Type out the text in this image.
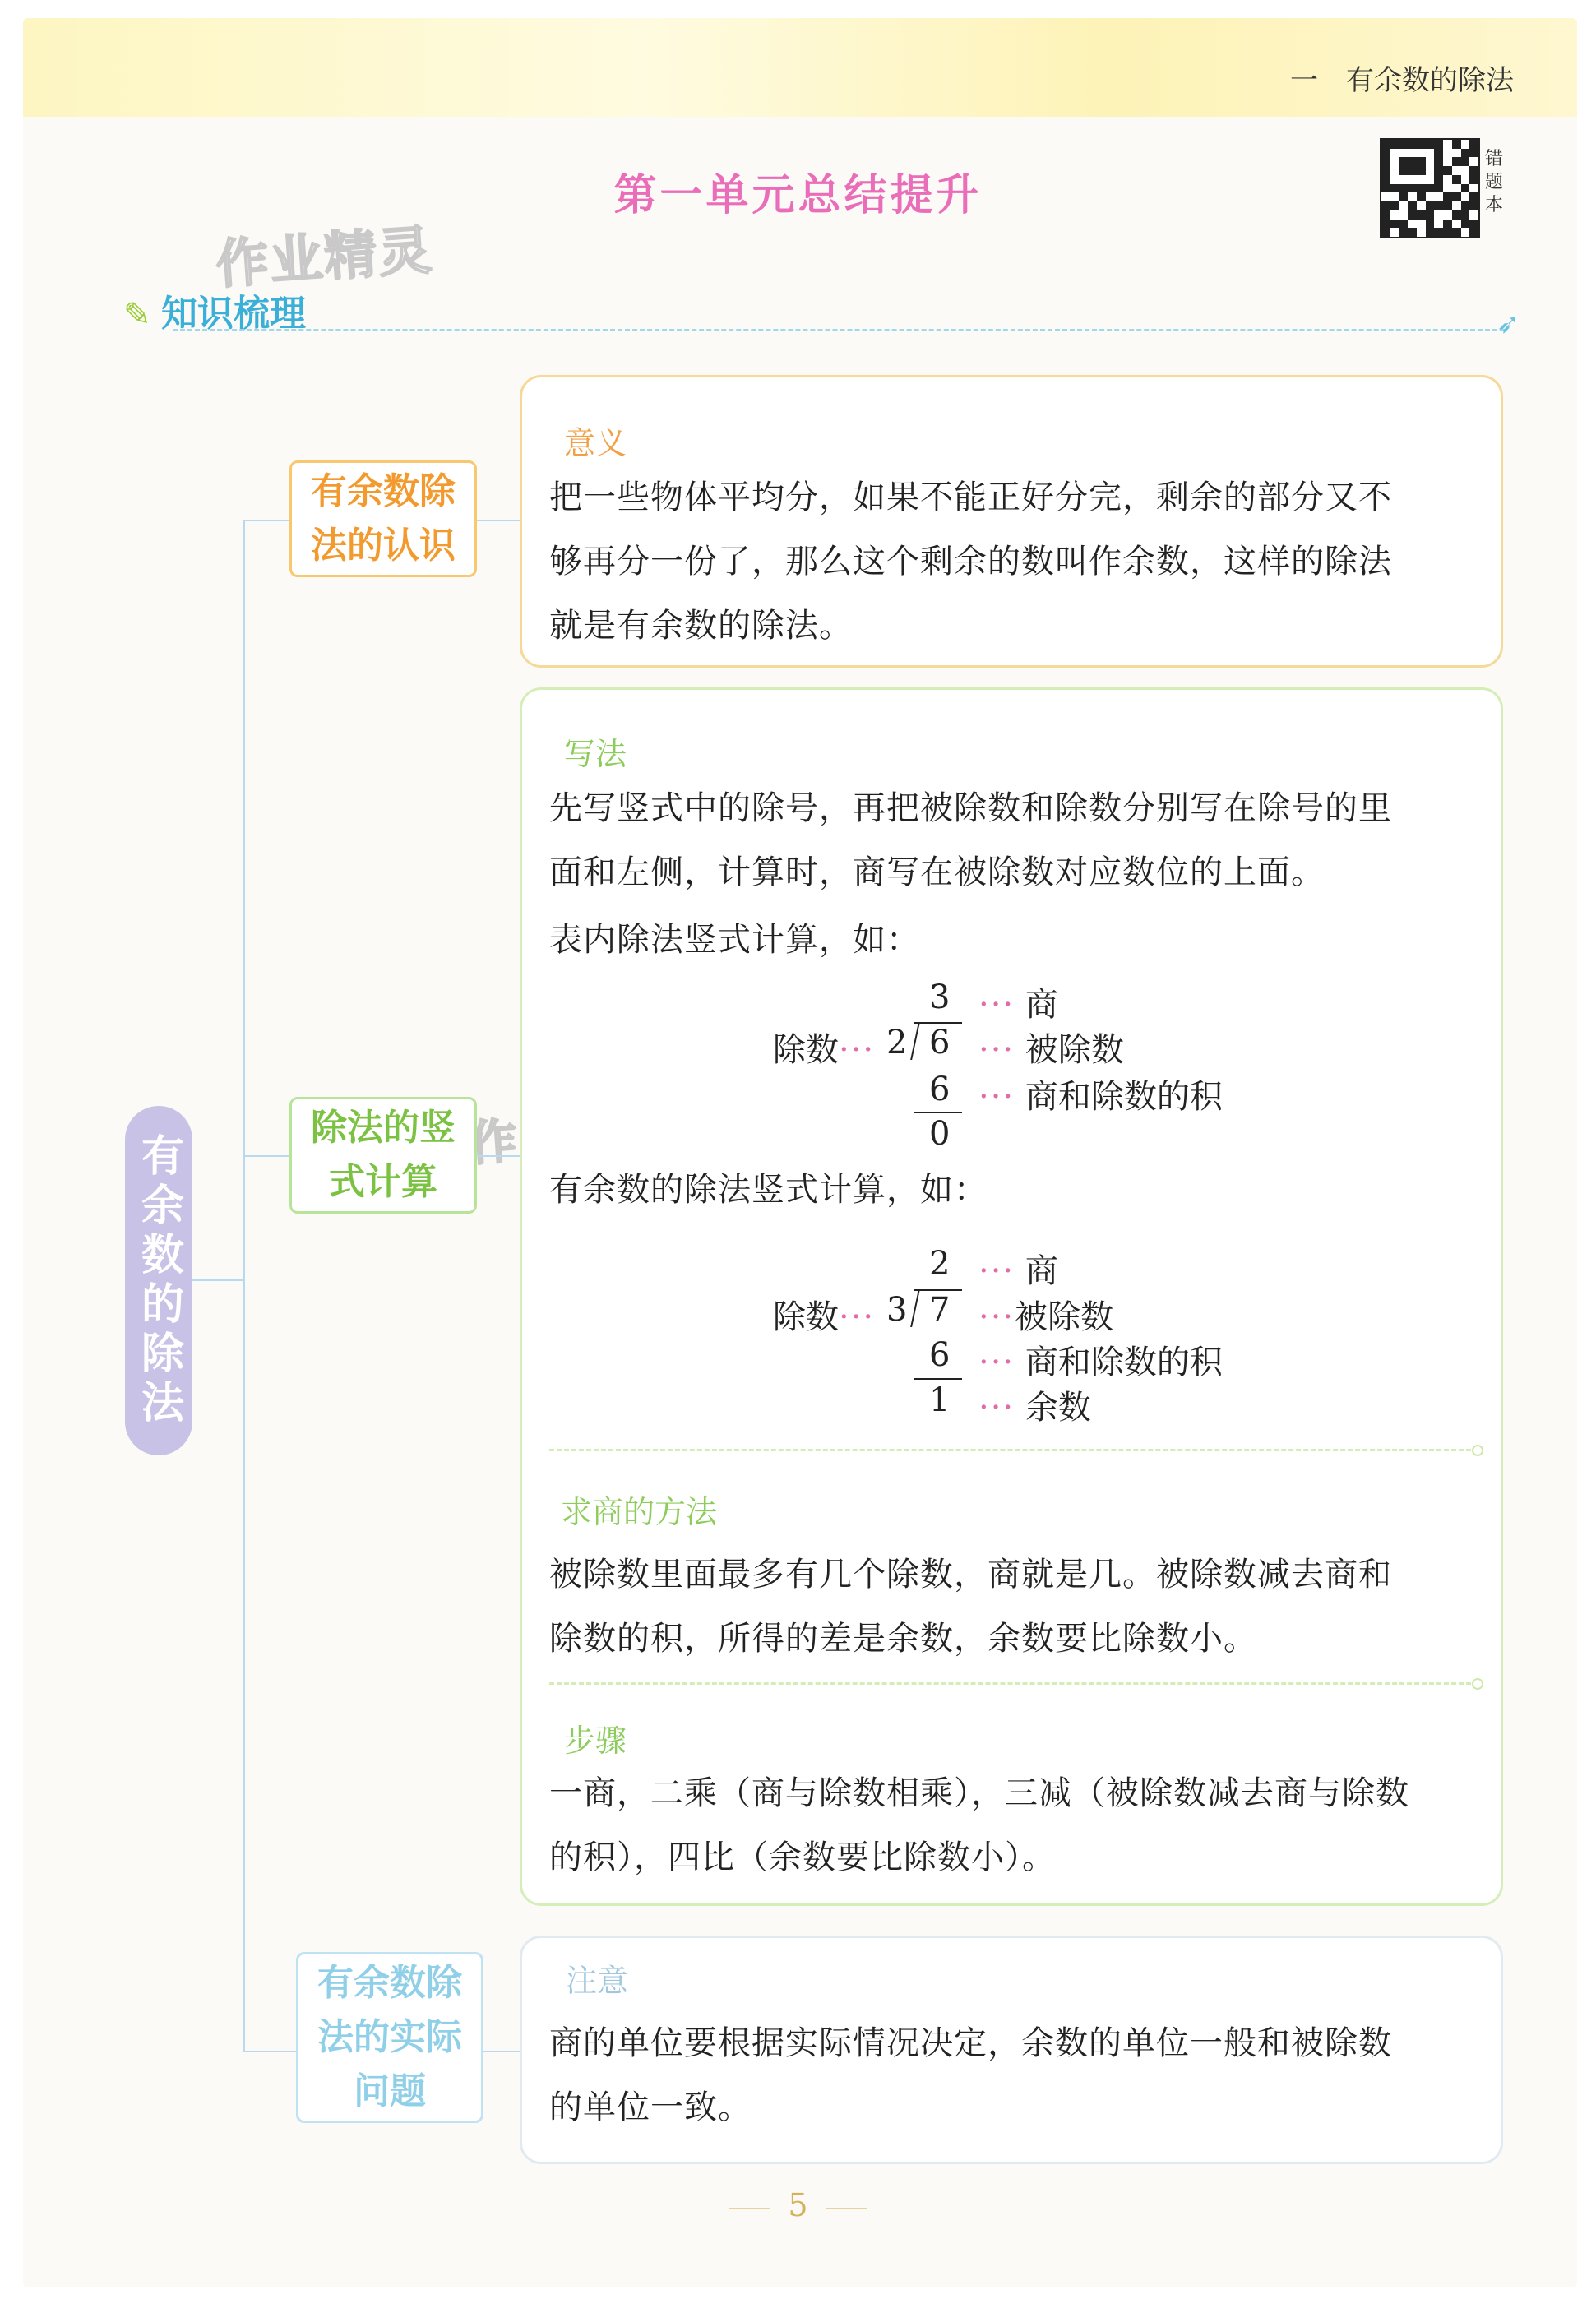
一 有余数的除法
第一单元总结提升
错题本
作业精灵
✎ 知识梳理	➶
有余数的除法
有余数除法的认识
除法的竖式计算
有余数除法的实际问题
意义
把一些物体平均分，如果不能正好分完，剩余的部分又不
够再分一份了，那么这个剩余的数叫作余数，这样的除法
就是有余数的除法。
写法
先写竖式中的除号，再把被除数和除数分别写在除号的里
面和左侧，计算时，商写在被除数对应数位的上面。
表内除法竖式计算，如：
3 ··· 商
除数··· 2 6 ··· 被除数
6 ··· 商和除数的积
0
有余数的除法竖式计算，如：
2 ··· 商
除数··· 3 7 ···被除数
6 ··· 商和除数的积
1 ··· 余数
求商的方法
被除数里面最多有几个除数，商就是几。被除数减去商和
除数的积，所得的差是余数，余数要比除数小。
步骤
一商，二乘（商与除数相乘），三减（被除数减去商与除数
的积），四比（余数要比除数小）。
注意
商的单位要根据实际情况决定，余数的单位一般和被除数
的单位一致。
5
